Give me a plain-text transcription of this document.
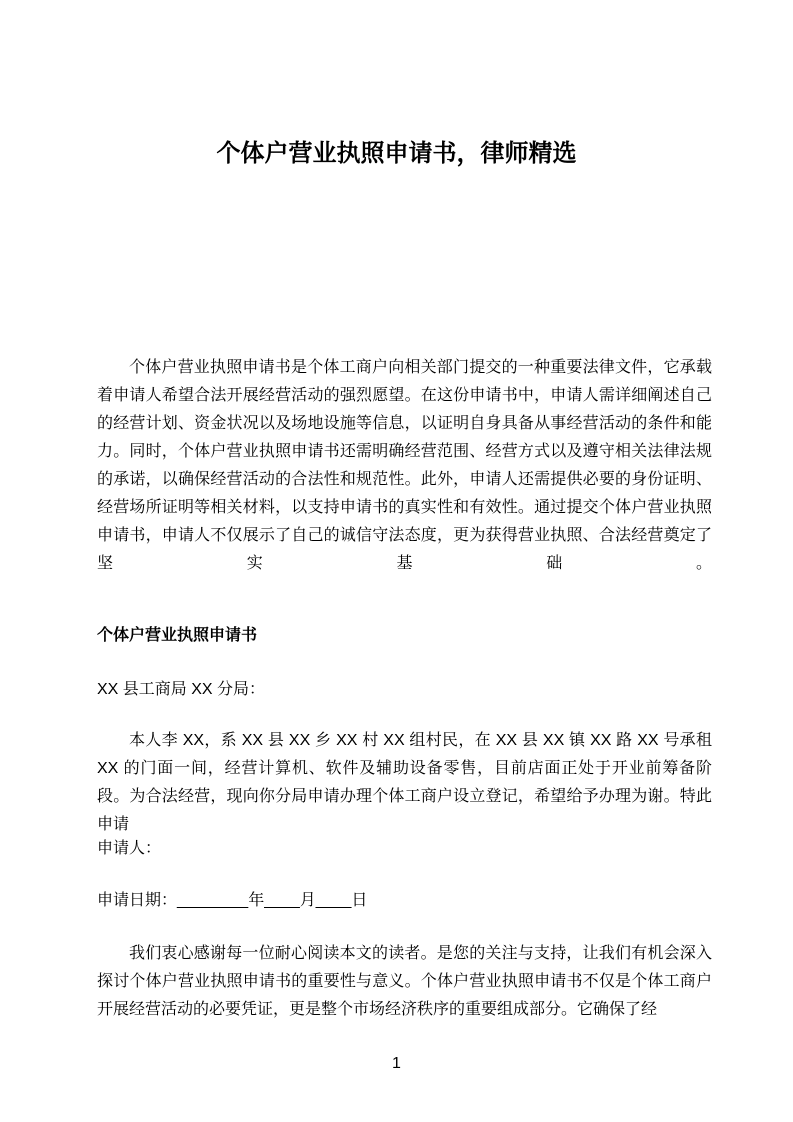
个体户营业执照申请书，律师精选

个体户营业执照申请书是个体工商户向相关部门提交的一种重要法律文件，它承载着申请人希望合法开展经营活动的强烈愿望。在这份申请书中，申请人需详细阐述自己的经营计划、资金状况以及场地设施等信息，以证明自身具备从事经营活动的条件和能力。同时，个体户营业执照申请书还需明确经营范围、经营方式以及遵守相关法律法规的承诺，以确保经营活动的合法性和规范性。此外，申请人还需提供必要的身份证明、经营场所证明等相关材料，以支持申请书的真实性和有效性。通过提交个体户营业执照申请书，申请人不仅展示了自己的诚信守法态度，更为获得营业执照、合法经营奠定了坚实基础。

个体户营业执照申请书

XX 县工商局 XX 分局：

本人李 XX，系 XX 县 XX 乡 XX 村 XX 组村民，在 XX 县 XX 镇 XX 路 XX 号承租 XX 的门面一间，经营计算机、软件及辅助设备零售，目前店面正处于开业前筹备阶段。为合法经营，现向你分局申请办理个体工商户设立登记，希望给予办理为谢。特此申请

申请人：

申请日期：________年____月____日

我们衷心感谢每一位耐心阅读本文的读者。是您的关注与支持，让我们有机会深入探讨个体户营业执照申请书的重要性与意义。个体户营业执照申请书不仅是个体工商户开展经营活动的必要凭证，更是整个市场经济秩序的重要组成部分。它确保了经

1
